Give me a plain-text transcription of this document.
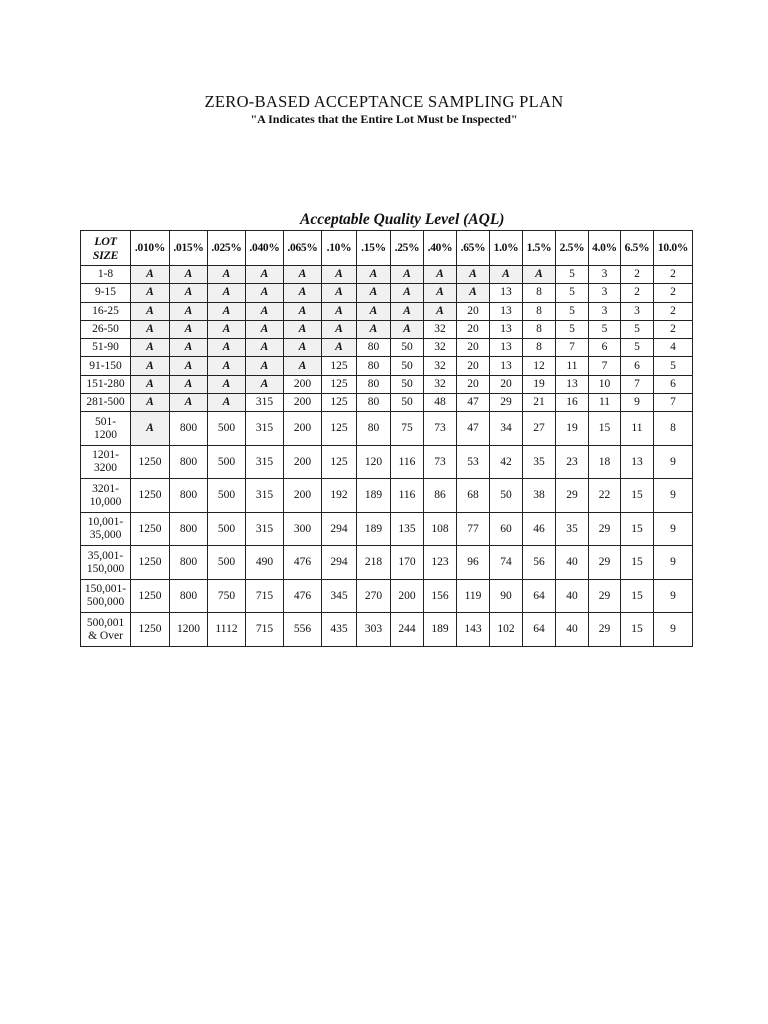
ZERO-BASED ACCEPTANCE SAMPLING PLAN
"A Indicates that the Entire Lot Must be Inspected"
Acceptable Quality Level (AQL)
LOT SIZE	.010%	.015%	.025%	.040%	.065%	.10%	.15%	.25%	.40%	.65%	1.0%	1.5%	2.5%	4.0%	6.5%	10.0%
1-8	A	A	A	A	A	A	A	A	A	A	A	A	5	3	2	2
9-15	A	A	A	A	A	A	A	A	A	A	13	8	5	3	2	2
16-25	A	A	A	A	A	A	A	A	A	20	13	8	5	3	3	2
26-50	A	A	A	A	A	A	A	A	32	20	13	8	5	5	5	2
51-90	A	A	A	A	A	A	80	50	32	20	13	8	7	6	5	4
91-150	A	A	A	A	A	125	80	50	32	20	13	12	11	7	6	5
151-280	A	A	A	A	200	125	80	50	32	20	20	19	13	10	7	6
281-500	A	A	A	315	200	125	80	50	48	47	29	21	16	11	9	7
501-
1200	A	800	500	315	200	125	80	75	73	47	34	27	19	15	11	8
1201-
3200	1250	800	500	315	200	125	120	116	73	53	42	35	23	18	13	9
3201-
10,000	1250	800	500	315	200	192	189	116	86	68	50	38	29	22	15	9
10,001-
35,000	1250	800	500	315	300	294	189	135	108	77	60	46	35	29	15	9
35,001-
150,000	1250	800	500	490	476	294	218	170	123	96	74	56	40	29	15	9
150,001-
500,000	1250	800	750	715	476	345	270	200	156	119	90	64	40	29	15	9
500,001
& Over	1250	1200	1112	715	556	435	303	244	189	143	102	64	40	29	15	9
